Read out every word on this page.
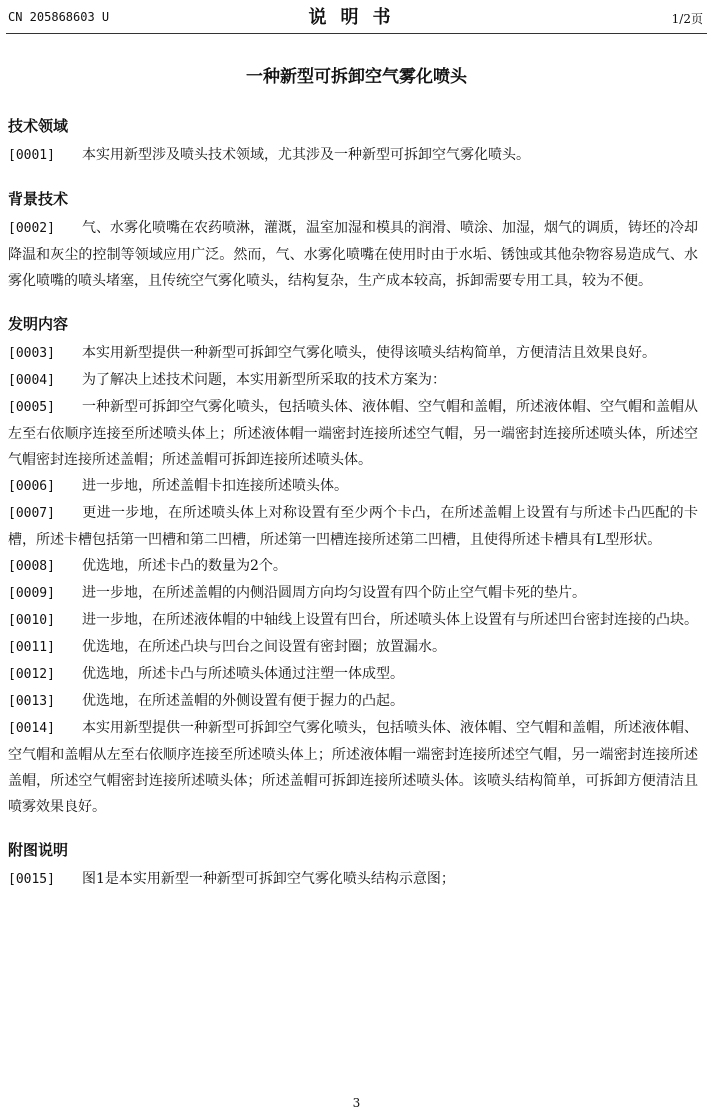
CN 205868603 U	说明书	1/2页
一种新型可拆卸空气雾化喷头
技术领域
[0001] 本实用新型涉及喷头技术领域，尤其涉及一种新型可拆卸空气雾化喷头。
背景技术
[0002] 气、水雾化喷嘴在农药喷淋，灌溉，温室加湿和模具的润滑、喷涂、加湿，烟气的调质，铸坯的冷却降温和灰尘的控制等领域应用广泛。然而，气、水雾化喷嘴在使用时由于水垢、锈蚀或其他杂物容易造成气、水雾化喷嘴的喷头堵塞，且传统空气雾化喷头，结构复杂，生产成本较高，拆卸需要专用工具，较为不便。
发明内容
[0003] 本实用新型提供一种新型可拆卸空气雾化喷头，使得该喷头结构简单，方便清洁且效果良好。
[0004] 为了解决上述技术问题，本实用新型所采取的技术方案为：
[0005] 一种新型可拆卸空气雾化喷头，包括喷头体、液体帽、空气帽和盖帽，所述液体帽、空气帽和盖帽从左至右依顺序连接至所述喷头体上；所述液体帽一端密封连接所述空气帽，另一端密封连接所述喷头体，所述空气帽密封连接所述盖帽；所述盖帽可拆卸连接所述喷头体。
[0006] 进一步地，所述盖帽卡扣连接所述喷头体。
[0007] 更进一步地，在所述喷头体上对称设置有至少两个卡凸，在所述盖帽上设置有与所述卡凸匹配的卡槽，所述卡槽包括第一凹槽和第二凹槽，所述第一凹槽连接所述第二凹槽，且使得所述卡槽具有L型形状。
[0008] 优选地，所述卡凸的数量为2个。
[0009] 进一步地，在所述盖帽的内侧沿圆周方向均匀设置有四个防止空气帽卡死的垫片。
[0010] 进一步地，在所述液体帽的中轴线上设置有凹台，所述喷头体上设置有与所述凹台密封连接的凸块。
[0011] 优选地，在所述凸块与凹台之间设置有密封圈；放置漏水。
[0012] 优选地，所述卡凸与所述喷头体通过注塑一体成型。
[0013] 优选地，在所述盖帽的外侧设置有便于握力的凸起。
[0014] 本实用新型提供一种新型可拆卸空气雾化喷头，包括喷头体、液体帽、空气帽和盖帽，所述液体帽、空气帽和盖帽从左至右依顺序连接至所述喷头体上；所述液体帽一端密封连接所述空气帽，另一端密封连接所述盖帽，所述空气帽密封连接所述喷头体；所述盖帽可拆卸连接所述喷头体。该喷头结构简单，可拆卸方便清洁且喷雾效果良好。
附图说明
[0015] 图1是本实用新型一种新型可拆卸空气雾化喷头结构示意图；
3
